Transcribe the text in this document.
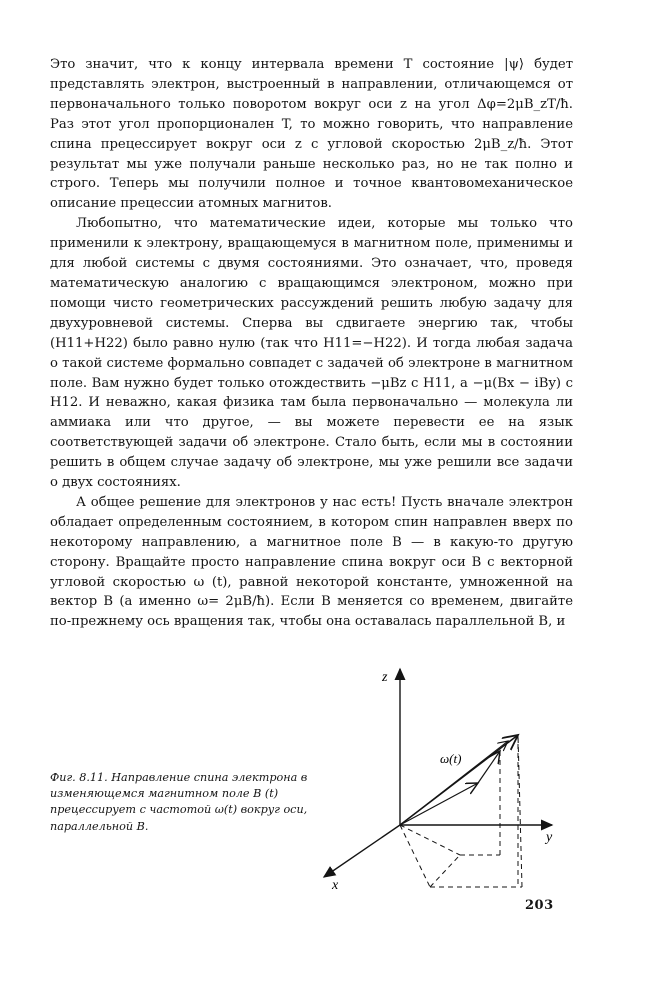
Это значит, что к концу интервала времени T состояние |ψ⟩ будет представлять электрон, выстроенный в направлении, отличающемся от первоначального только поворотом вокруг оси z на угол Δφ=2μB_zT/ħ. Раз этот угол пропорционален T, то можно говорить, что направление спина прецессирует вокруг оси z с угловой скоростью 2μB_z/ħ. Этот результат мы уже получали раньше несколько раз, но не так полно и строго. Теперь мы получили полное и точное квантовомеханическое описание прецессии атомных магнитов.

Любопытно, что математические идеи, которые мы только что применили к электрону, вращающемуся в магнитном поле, применимы и для любой системы с двумя состояниями. Это означает, что, проведя математическую аналогию с вращающимся электроном, можно при помощи чисто геометрических рассуждений решить любую задачу для двухуровневой системы. Сперва вы сдвигаете энергию так, чтобы (H11+H22) было равно нулю (так что H11=−H22). И тогда любая задача о такой системе формально совпадет с задачей об электроне в магнитном поле. Вам нужно будет только отождествить −μBz с H11, а −μ(Bx − iBy) с H12. И неважно, какая физика там была первоначально — молекула ли аммиака или что другое, — вы можете перевести ее на язык соответствующей задачи об электроне. Стало быть, если мы в состоянии решить в общем случае задачу об электроне, мы уже решили все задачи о двух состояниях.

А общее решение для электронов у нас есть! Пусть вначале электрон обладает определенным состоянием, в котором спин направлен вверх по некоторому направлению, а магнитное поле B — в какую-то другую сторону. Вращайте просто направление спина вокруг оси B с векторной угловой скоростью ω (t), равной некоторой константе, умноженной на вектор B (а именно ω= 2μB/ħ). Если B меняется со временем, двигайте по-прежнему ось вращения так, чтобы она оставалась параллельной B, и

Фиг. 8.11. Направление спина электрона в изменяющемся магнитном поле B (t) прецессирует с частотой ω(t) вокруг оси, параллельной B.
z
y
x
ω(t)
203
